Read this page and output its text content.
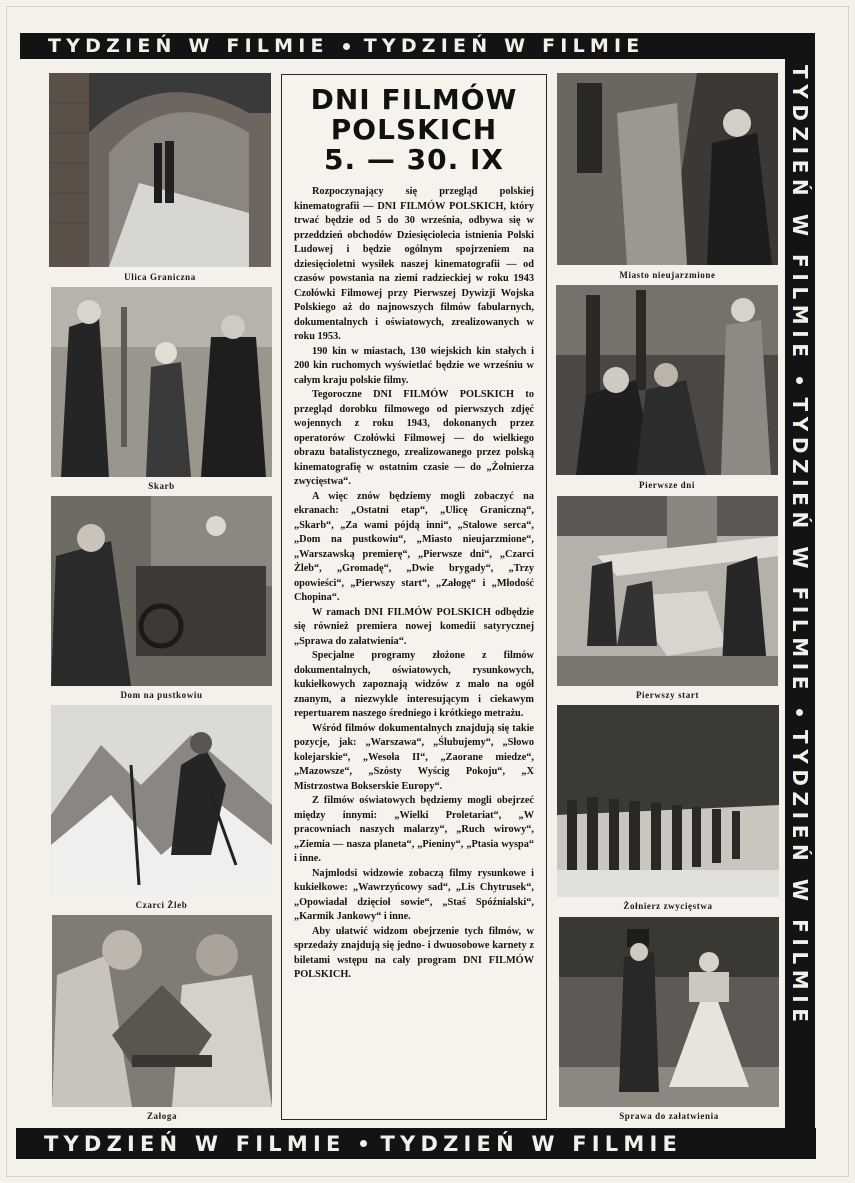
TYDZIEŃ W FILMIE TYDZIEŃ W FILMIE
TYDZIEŃ W FILMIE
TYDZIEŃ W FILMIE
TYDZIEŃ W FILMIE
TYDZIEŃ W FILMIE TYDZIEŃ W FILMIE
Ulica Graniczna
Skarb
Dom na pustkowiu
Czarci Żleb
Załoga
DNI FILMÓW
POLSKICH
5. — 30. IX

Rozpoczynający się przegląd polskiej kinematografii — DNI FILMÓW POLSKICH, który trwać będzie od 5 do 30 września, odbywa się w przeddzień obchodów Dziesięciolecia istnienia Polski Ludowej i będzie ogólnym spojrzeniem na dziesięcioletni wysiłek naszej kinematografii — od czasów powstania na ziemi radzieckiej w roku 1943 Czołówki Filmowej przy Pierwszej Dywizji Wojska Polskiego aż do najnowszych filmów fabularnych, dokumentalnych i oświatowych, zrealizowanych w roku 1953.

190 kin w miastach, 130 wiejskich kin stałych i 200 kin ruchomych wyświetlać będzie we wrześniu w całym kraju polskie filmy.

Tegoroczne DNI FILMÓW POLSKICH to przegląd dorobku filmowego od pierwszych zdjęć wojennych z roku 1943, dokonanych przez operatorów Czołówki Filmowej — do wielkiego obrazu batalistycznego, zrealizowanego przez polską kinematografię w ostatnim czasie — do „Żołnierza zwycięstwa“.

A więc znów będziemy mogli zobaczyć na ekranach: „Ostatni etap“, „Ulicę Graniczną“, „Skarb“, „Za wami pójdą inni“, „Stalowe serca“, „Dom na pustkowiu“, „Miasto nieujarzmione“, „Warszawską premierę“, „Pierwsze dni“, „Czarci Żleb“, „Gromadę“, „Dwie brygady“, „Trzy opowieści“, „Pierwszy start“, „Załogę“ i „Młodość Chopina“.

W ramach DNI FILMÓW POLSKICH odbędzie się również premiera nowej komedii satyrycznej „Sprawa do załatwienia“.

Specjalne programy złożone z filmów dokumentalnych, oświatowych, rysunkowych, kukiełkowych zapoznają widzów z mało na ogół znanym, a niezwykle interesującym i ciekawym repertuarem naszego średniego i krótkiego metrażu.

Wśród filmów dokumentalnych znajdują się takie pozycje, jak: „Warszawa“, „Ślubujemy“, „Słowo kolejarskie“, „Wesoła II“, „Zaorane miedze“, „Mazowsze“, „Szósty Wyścig Pokoju“, „X Mistrzostwa Bokserskie Europy“.

Z filmów oświatowych będziemy mogli obejrzeć między innymi: „Wielki Proletariat“, „W pracowniach naszych malarzy“, „Ruch wirowy“, „Ziemia — nasza planeta“, „Pieniny“, „Ptasia wyspa“ i inne.

Najmłodsi widzowie zobaczą filmy rysunkowe i kukiełkowe: „Wawrzyńcowy sad“, „Lis Chytrusek“, „Opowiadał dzięcioł sowie“, „Staś Spóźnialski“, „Karmik Jankowy“ i inne.

Aby ułatwić widzom obejrzenie tych filmów, w sprzedaży znajdują się jedno- i dwuosobowe karnety z biletami wstępu na cały program DNI FILMÓW POLSKICH.

Miasto nieujarzmione
Pierwsze dni
Pierwszy start
Żołnierz zwycięstwa
Sprawa do załatwienia
